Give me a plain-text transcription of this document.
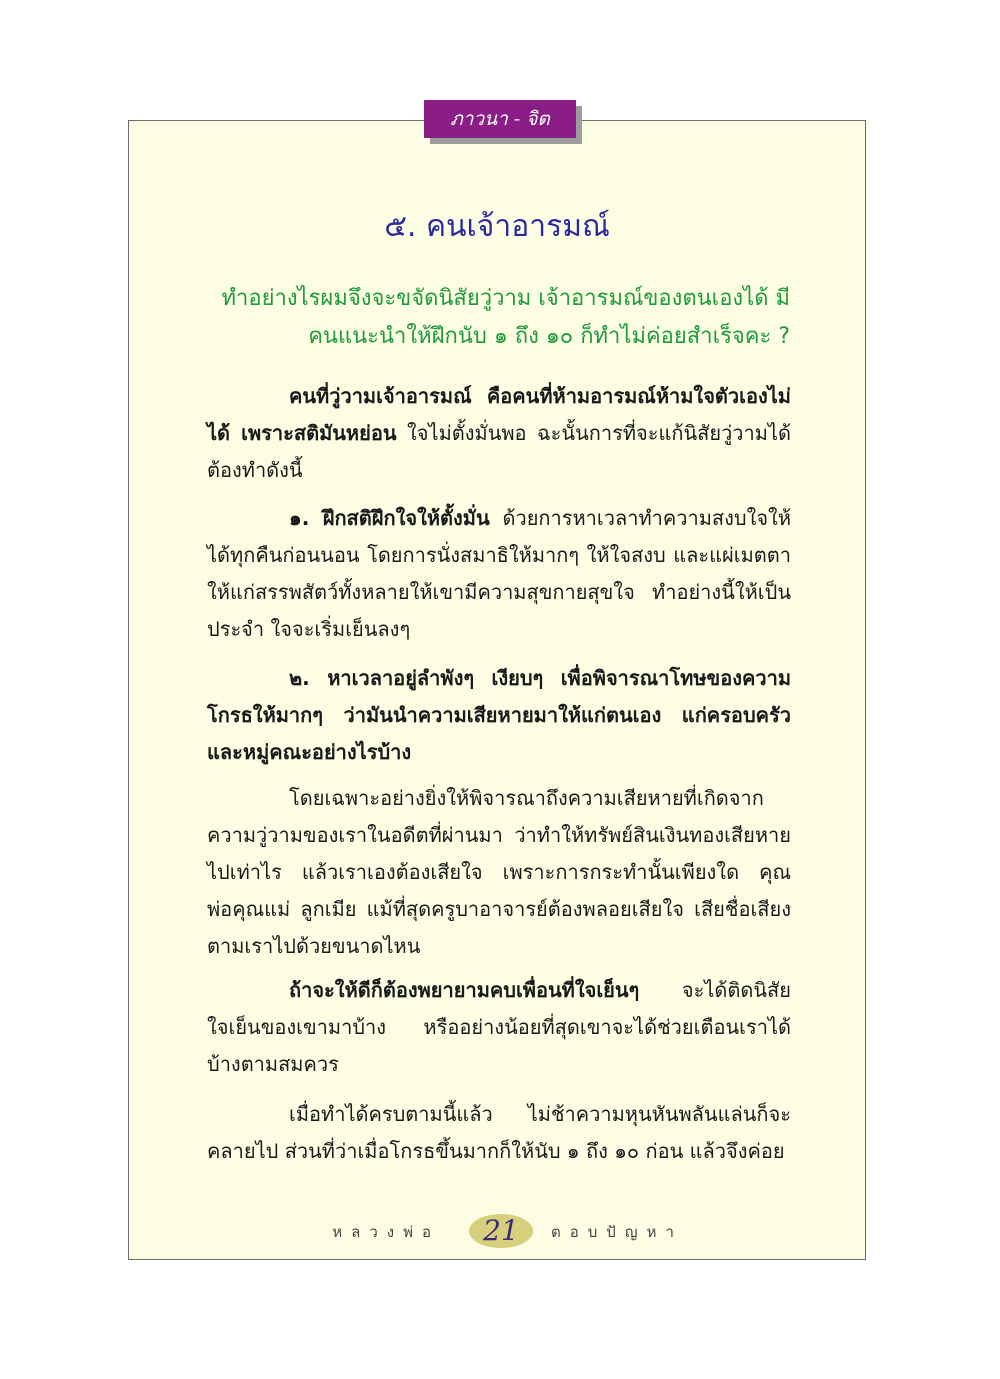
ภาวนา - จิต
๕. คนเจ้าอารมณ์
ทำอย่างไรผมจึงจะขจัดนิสัยวู่วาม เจ้าอารมณ์ของตนเองได้ มี
คนแนะนำให้ฝึกนับ ๑ ถึง ๑๐ ก็ทำไม่ค่อยสำเร็จคะ ?

คนที่วู่วามเจ้าอารมณ์ คือคนที่ห้ามอารมณ์ห้ามใจตัวเองไม่ได้ เพราะสติมันหย่อน ใจไม่ตั้งมั่นพอ ฉะนั้นการที่จะแก้นิสัยวู่วามได้ต้องทำดังนี้

๑. ฝึกสติฝึกใจให้ตั้งมั่น ด้วยการหาเวลาทำความสงบใจให้ได้ทุกคืนก่อนนอน โดยการนั่งสมาธิให้มากๆ ให้ใจสงบ และแผ่เมตตาให้แก่สรรพสัตว์ทั้งหลายให้เขามีความสุขกายสุขใจ ทำอย่างนี้ให้เป็นประจำ ใจจะเริ่มเย็นลงๆ

๒. หาเวลาอยู่ลำพังๆ เงียบๆ เพื่อพิจารณาโทษของความโกรธให้มากๆ ว่ามันนำความเสียหายมาให้แก่ตนเอง แก่ครอบครัวและหมู่คณะอย่างไรบ้าง

โดยเฉพาะอย่างยิ่งให้พิจารณาถึงความเสียหายที่เกิดจากความวู่วามของเราในอดีตที่ผ่านมา ว่าทำให้ทรัพย์สินเงินทองเสียหายไปเท่าไร แล้วเราเองต้องเสียใจ เพราะการกระทำนั้นเพียงใด คุณพ่อคุณแม่ ลูกเมีย แม้ที่สุดครูบาอาจารย์ต้องพลอยเสียใจ เสียชื่อเสียงตามเราไปด้วยขนาดไหน

ถ้าจะให้ดีก็ต้องพยายามคบเพื่อนที่ใจเย็นๆ จะได้ติดนิสัยใจเย็นของเขามาบ้าง หรืออย่างน้อยที่สุดเขาจะได้ช่วยเตือนเราได้บ้างตามสมควร

เมื่อทำได้ครบตามนี้แล้ว ไม่ช้าความหุนหันพลันแล่นก็จะคลายไป ส่วนที่ว่าเมื่อโกรธขึ้นมากก็ให้นับ ๑ ถึง ๑๐ ก่อน แล้วจึงค่อย

หลวงพ่อ	21	ตอบปัญหา
